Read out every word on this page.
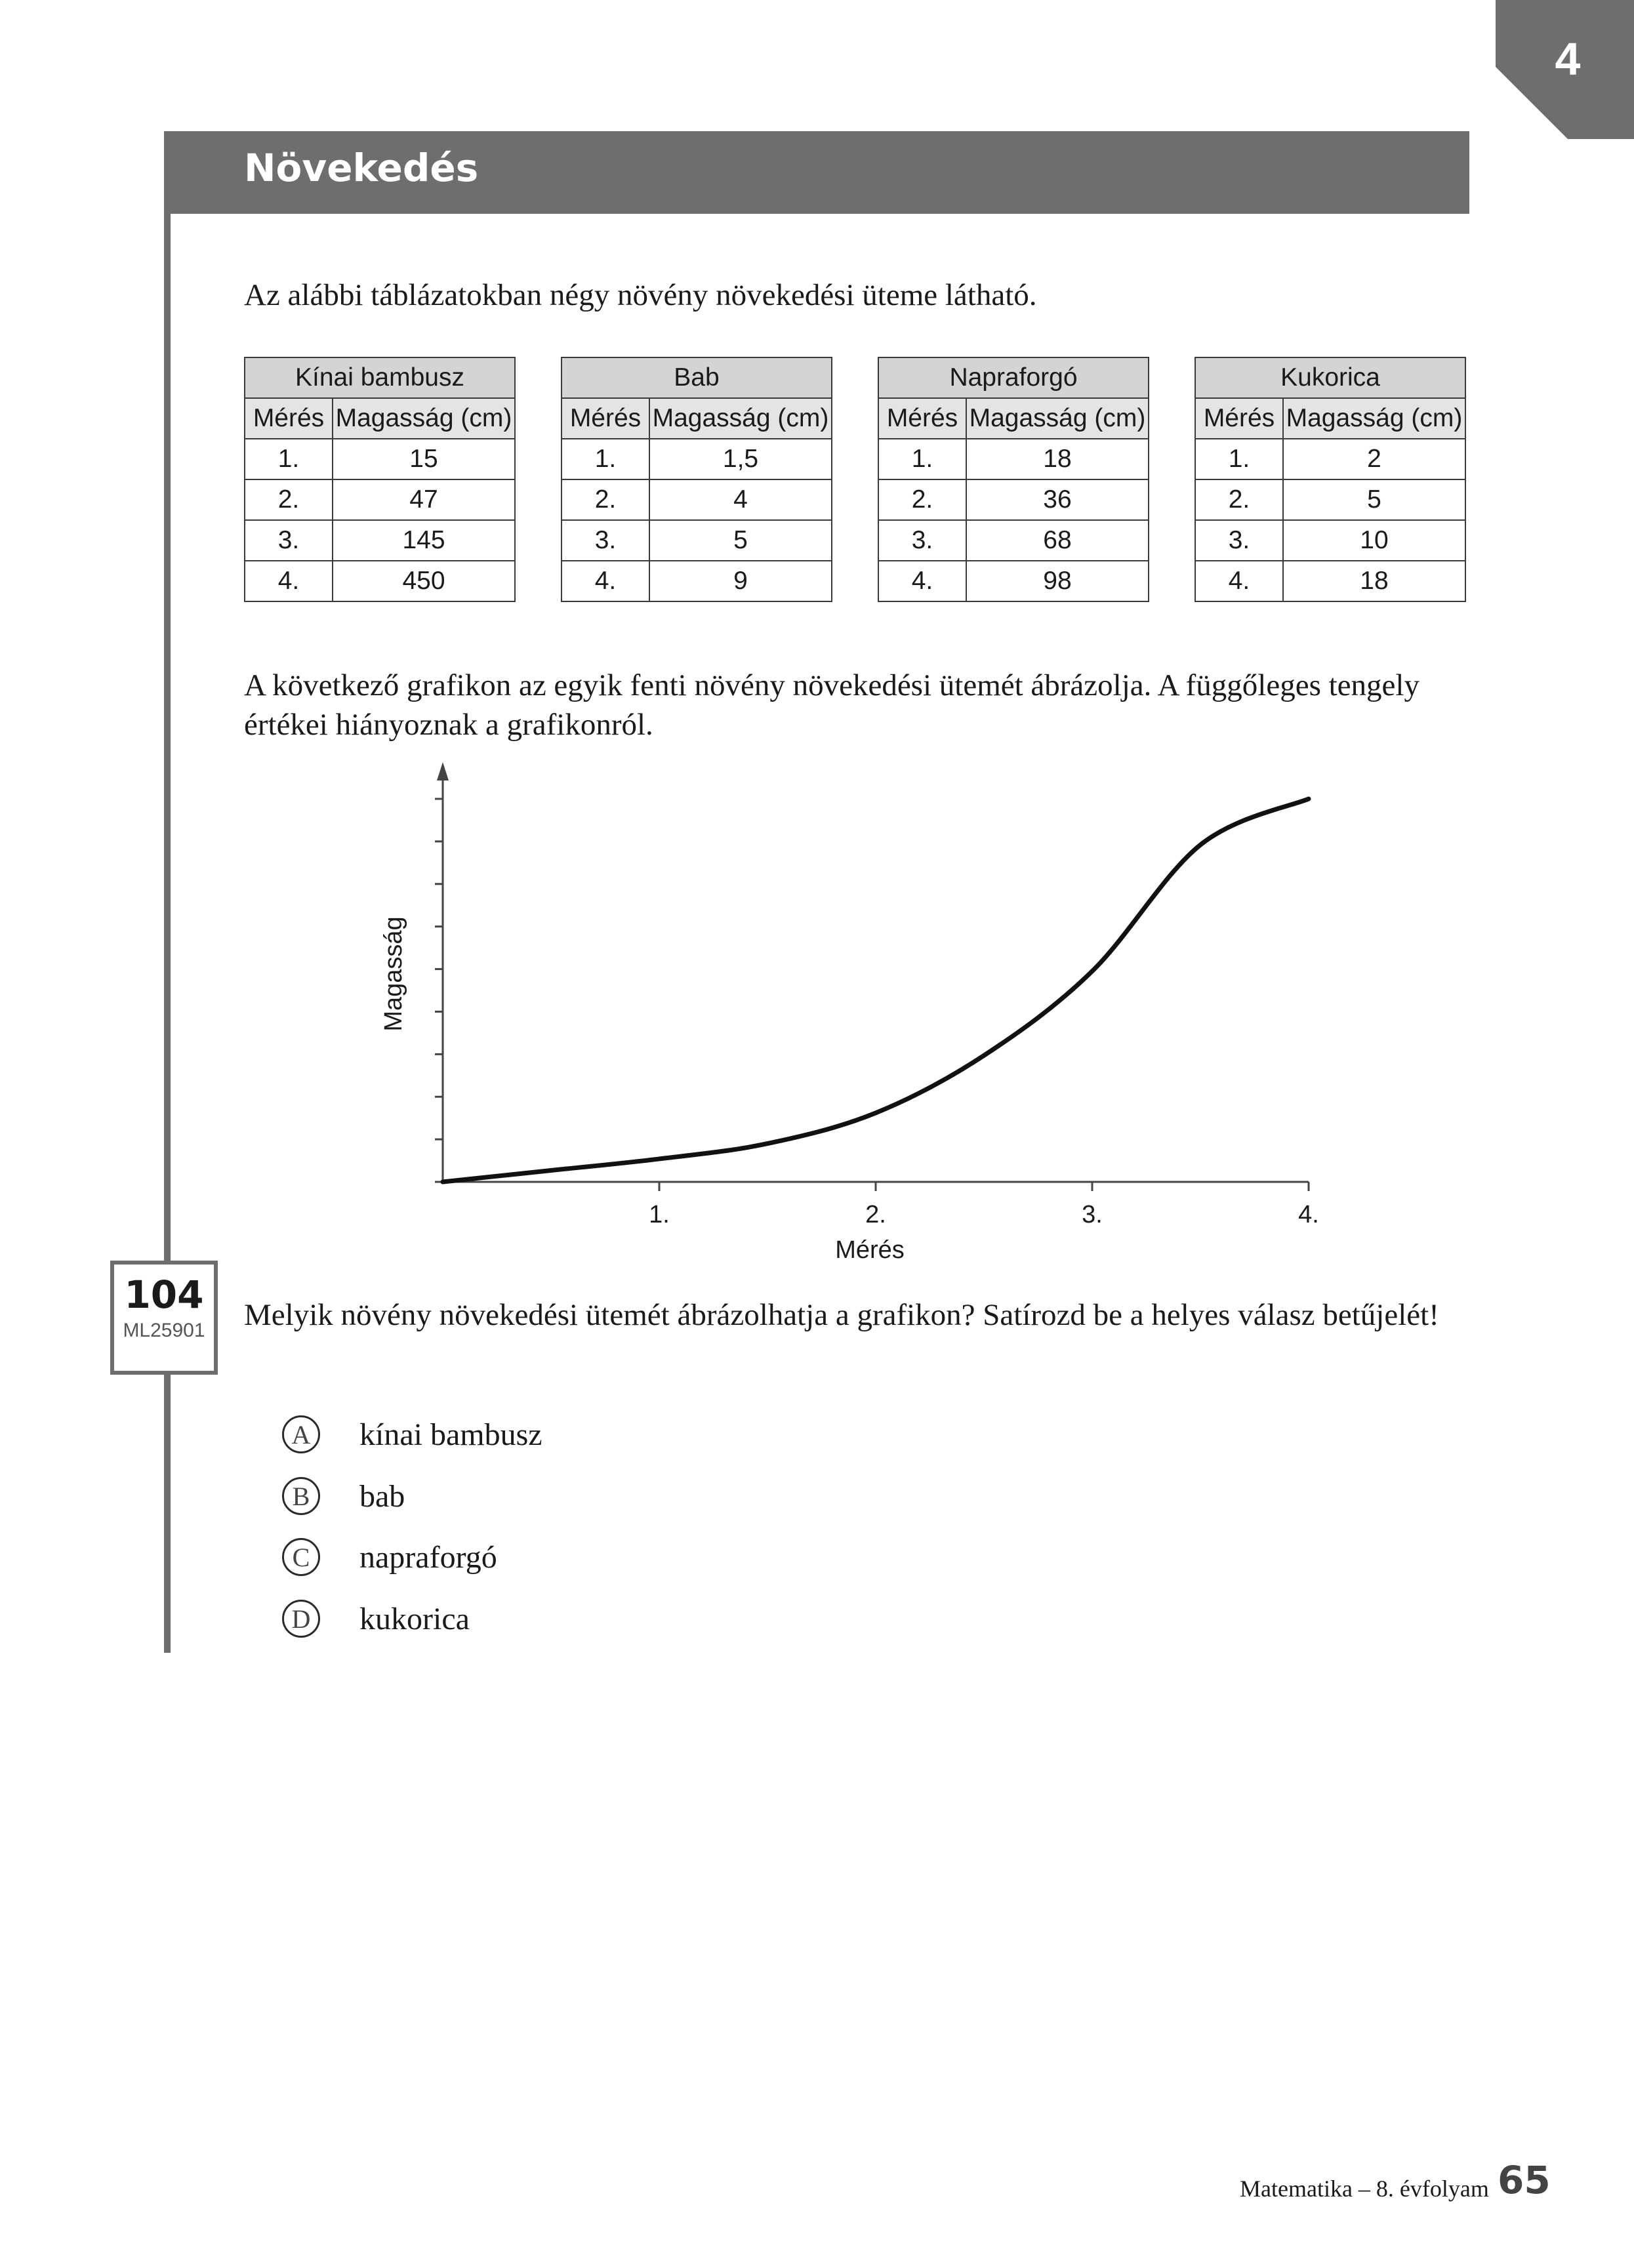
4
Növekedés
Az alábbi táblázatokban négy növény növekedési üteme látható.
Kínai bambusz	
Mérés	Magasság (cm)
1.	15
2.	47
3.	145
4.	450
Bab	
Mérés	Magasság (cm)
1.	1,5
2.	4
3.	5
4.	9
Napraforgó	
Mérés	Magasság (cm)
1.	18
2.	36
3.	68
4.	98
Kukorica	
Mérés	Magasság (cm)
1.	2
2.	5
3.	10
4.	18
A következő grafikon az egyik fenti növény növekedési ütemét ábrázolja. A függőleges tengely értékei hiányoznak a grafikonról.
1.	2.	3.	4.
Mérés
Magasság
104
ML25901 Melyik növény növekedési ütemét ábrázolhatja a grafikon? Satírozd be a helyes válasz betűjelét!
A	kínai bambusz
B	bab
C	napraforgó
D	kukorica
Matematika – 8. évfolyam 65
